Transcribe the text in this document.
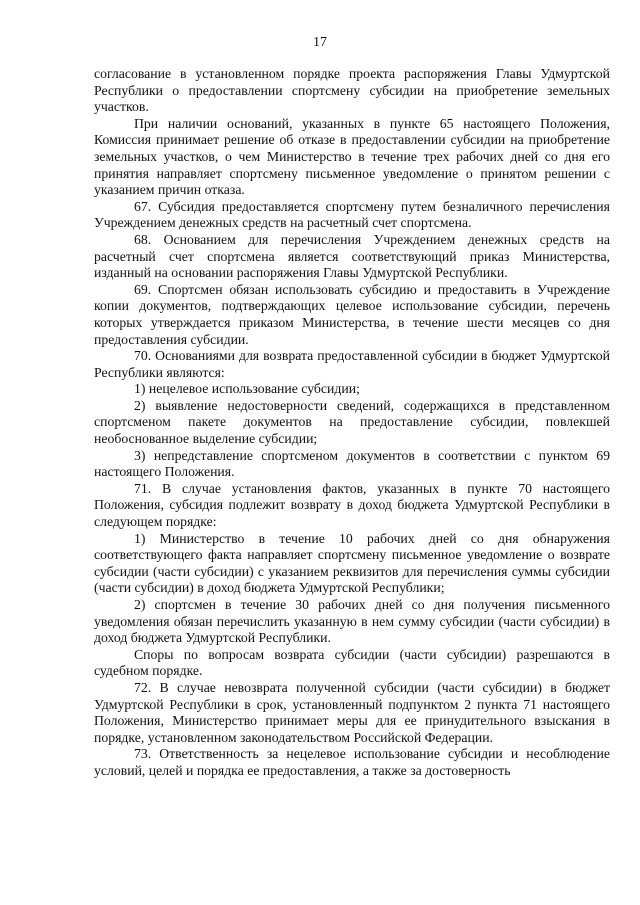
17

согласование в установленном порядке проекта распоряжения Главы Удмуртской Республики о предоставлении спортсмену субсидии на приобретение земельных участков.

При наличии оснований, указанных в пункте 65 настоящего Положения, Комиссия принимает решение об отказе в предоставлении субсидии на приобретение земельных участков, о чем Министерство в течение трех рабочих дней со дня его принятия направляет спортсмену письменное уведомление о принятом решении с указанием причин отказа.

67. Субсидия предоставляется спортсмену путем безналичного перечисления Учреждением денежных средств на расчетный счет спортсмена.

68. Основанием для перечисления Учреждением денежных средств на расчетный счет спортсмена является соответствующий приказ Министерства, изданный на основании распоряжения Главы Удмуртской Республики.

69. Спортсмен обязан использовать субсидию и предоставить в Учреждение копии документов, подтверждающих целевое использование субсидии, перечень которых утверждается приказом Министерства, в течение шести месяцев со дня предоставления субсидии.

70. Основаниями для возврата предоставленной субсидии в бюджет Удмуртской Республики являются:

1) нецелевое использование субсидии;

2) выявление недостоверности сведений, содержащихся в представленном спортсменом пакете документов на предоставление субсидии, повлекшей необоснованное выделение субсидии;

3) непредставление спортсменом документов в соответствии с пунктом 69 настоящего Положения.

71. В случае установления фактов, указанных в пункте 70 настоящего Положения, субсидия подлежит возврату в доход бюджета Удмуртской Республики в следующем порядке:

1) Министерство в течение 10 рабочих дней со дня обнаружения соответствующего факта направляет спортсмену письменное уведомление о возврате субсидии (части субсидии) с указанием реквизитов для перечисления суммы субсидии (части субсидии) в доход бюджета Удмуртской Республики;

2) спортсмен в течение 30 рабочих дней со дня получения письменного уведомления обязан перечислить указанную в нем сумму субсидии (части субсидии) в доход бюджета Удмуртской Республики.

Споры по вопросам возврата субсидии (части субсидии) разрешаются в судебном порядке.

72. В случае невозврата полученной субсидии (части субсидии) в бюджет Удмуртской Республики в срок, установленный подпунктом 2 пункта 71 настоящего Положения, Министерство принимает меры для ее принудительного взыскания в порядке, установленном законодательством Российской Федерации.

73. Ответственность за нецелевое использование субсидии и несоблюдение условий, целей и порядка ее предоставления, а также за достоверность
